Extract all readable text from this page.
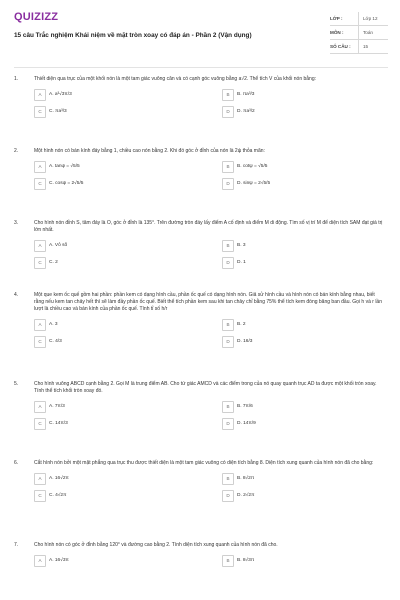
QUIZIZZ
15 câu Trắc nghiệm Khái niệm về mặt tròn xoay có đáp án - Phần 2 (Vận dụng)
LỚP :	Lớp 12
MÔN :	Toán
SỐ CÂU :	15
1.	Thiết diện qua trục của một khối nón là một tam giác vuông cân và có cạnh góc vuông bằng a√2. Thể tích V của khối nón bằng:
A	A. a³√3π/3	B	B. πa³/3
C	C. πa³/3	D	D. πa³/2
2.	Một hình nón có bán kính đáy bằng 1, chiều cao nón bằng 2. Khi đó góc ở đỉnh của nón là 2ψ thỏa mãn:
A	A. tanψ = √5/5	B	B. cotψ = √5/5
C	C. cosψ = 2√5/5	D	D. sinψ = 2√5/5
3.	Cho hình nón đỉnh S, tâm đáy là O, góc ở đỉnh là 135°. Trên đường tròn đáy lấy điểm A cố định và điểm M di động. Tìm số vị trí M để diện tích SAM đạt giá trị lớn nhất.
A	A. Vô số	B	B. 3
C	C. 2	D	D. 1
4.	Một que kem ốc quế gồm hai phần: phần kem có dạng hình cầu, phần ốc quế có dạng hình nón. Giả sử hình cầu và hình nón có bán kính bằng nhau, biết rằng nếu kem tan chảy hết thì sẽ làm đầy phần ốc quế. Biết thể tích phần kem sau khi tan chảy chỉ bằng 75% thể tích kem đóng băng ban đầu. Gọi h và r lần lượt là chiều cao và bán kính của phần ốc quế. Tính tỉ số h/r
A	A. 3	B	B. 2
C	C. 4/3	D	D. 16/3
5.	Cho hình vuông ABCD cạnh bằng 2. Gọi M là trung điểm AB. Cho tứ giác AMCD và các điểm trong của nó quay quanh trục AD ta được một khối tròn xoay. Tính thể tích khối tròn xoay đó.
A	A. 7π/3	B	B. 7π/6
C	C. 14π/3	D	D. 14π/9
6.	Cắt hình nón bởi một mặt phẳng qua trục thu được thiết diện là một tam giác vuông có diện tích bằng 8. Diện tích xung quanh của hình nón đã cho bằng:
A	A. 16√2π	B	B. 8√2π
C	C. 4√2π	D	D. 2√2π
7.	Cho hình nón có góc ở đỉnh bằng 120° và đường cao bằng 2. Tính diện tích xung quanh của hình nón đã cho.
A	A. 16√3π	B	B. 8√3π
